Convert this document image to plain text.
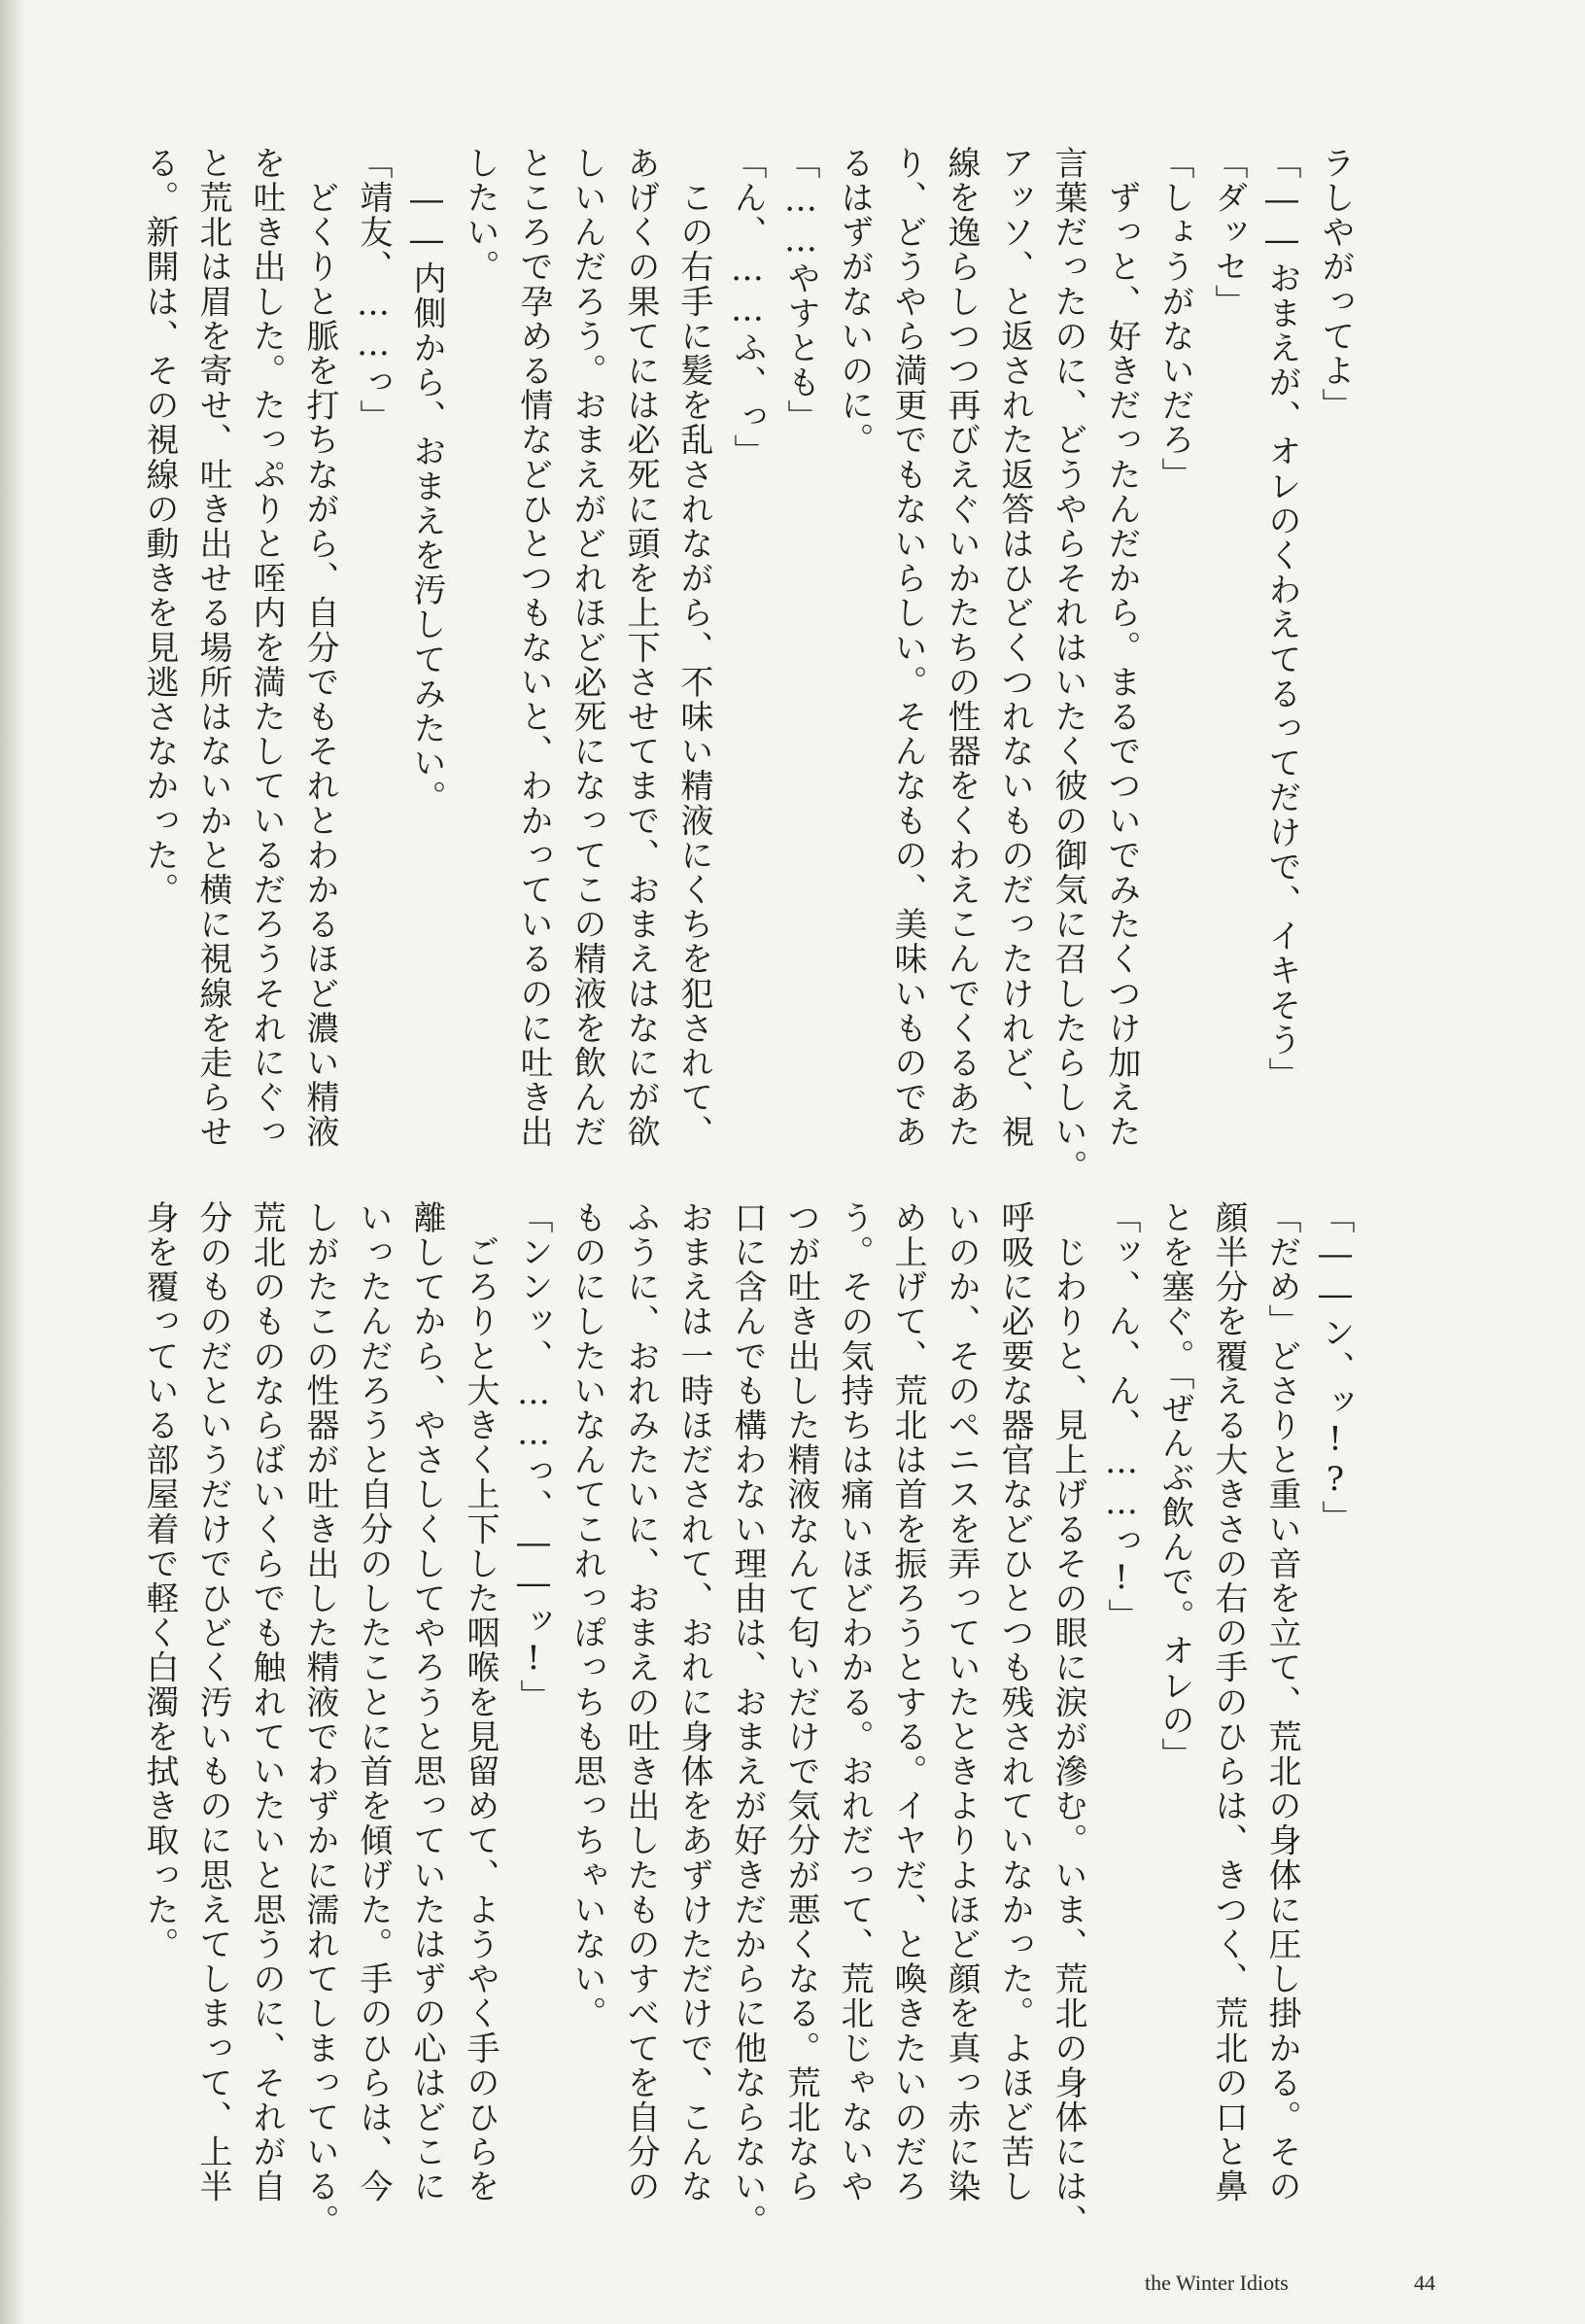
ラしやがってよ」
「――おまえが、オレのくわえてるってだけで、イキそう」
「ダッセ」
「しょうがないだろ」
　ずっと、好きだったんだから。まるでついでみたくつけ加えた
言葉だったのに、どうやらそれはいたく彼の御気に召したらしい。
アッソ、と返された返答はひどくつれないものだったけれど、視
線を逸らしつつ再びえぐいかたちの性器をくわえこんでくるあた
り、どうやら満更でもないらしい。そんなもの、美味いものであ
るはずがないのに。
「……やすとも」
「ん、……ふ、っ」
　この右手に髪を乱されながら、不味い精液にくちを犯されて、
あげくの果てには必死に頭を上下させてまで、おまえはなにが欲
しいんだろう。おまえがどれほど必死になってこの精液を飲んだ
ところで孕める情などひとつもないと、わかっているのに吐き出
したい。
　――内側から、おまえを汚してみたい。
「靖友、……っ」
　どくりと脈を打ちながら、自分でもそれとわかるほど濃い精液
を吐き出した。たっぷりと咥内を満たしているだろうそれにぐっ
と荒北は眉を寄せ、吐き出せる場所はないかと横に視線を走らせ
る。新開は、その視線の動きを見逃さなかった。
「――ン、ッ!?」
「だめ」どさりと重い音を立て、荒北の身体に圧し掛かる。その
顔半分を覆える大きさの右の手のひらは、きつく、荒北の口と鼻
とを塞ぐ。「ぜんぶ飲んで。オレの」
「ッ、ん、ん、……っ!」
　じわりと、見上げるその眼に涙が滲む。いま、荒北の身体には、
呼吸に必要な器官などひとつも残されていなかった。よほど苦し
いのか、そのペニスを弄っていたときよりよほど顔を真っ赤に染
め上げて、荒北は首を振ろうとする。イヤだ、と喚きたいのだろ
う。その気持ちは痛いほどわかる。おれだって、荒北じゃないや
つが吐き出した精液なんて匂いだけで気分が悪くなる。荒北なら
口に含んでも構わない理由は、おまえが好きだからに他ならない。
おまえは一時ほだされて、おれに身体をあずけただけで、こんな
ふうに、おれみたいに、おまえの吐き出したものすべてを自分の
ものにしたいなんてこれっぽっちも思っちゃいない。
「ンンッ、……っ、――ッ!」
　ごろりと大きく上下した咽喉を見留めて、ようやく手のひらを
離してから、やさしくしてやろうと思っていたはずの心はどこに
いったんだろうと自分のしたことに首を傾げた。手のひらは、今
しがたこの性器が吐き出した精液でわずかに濡れてしまっている。
荒北のものならばいくらでも触れていたいと思うのに、それが自
分のものだというだけでひどく汚いものに思えてしまって、上半
身を覆っている部屋着で軽く白濁を拭き取った。
the Winter Idiots	44
